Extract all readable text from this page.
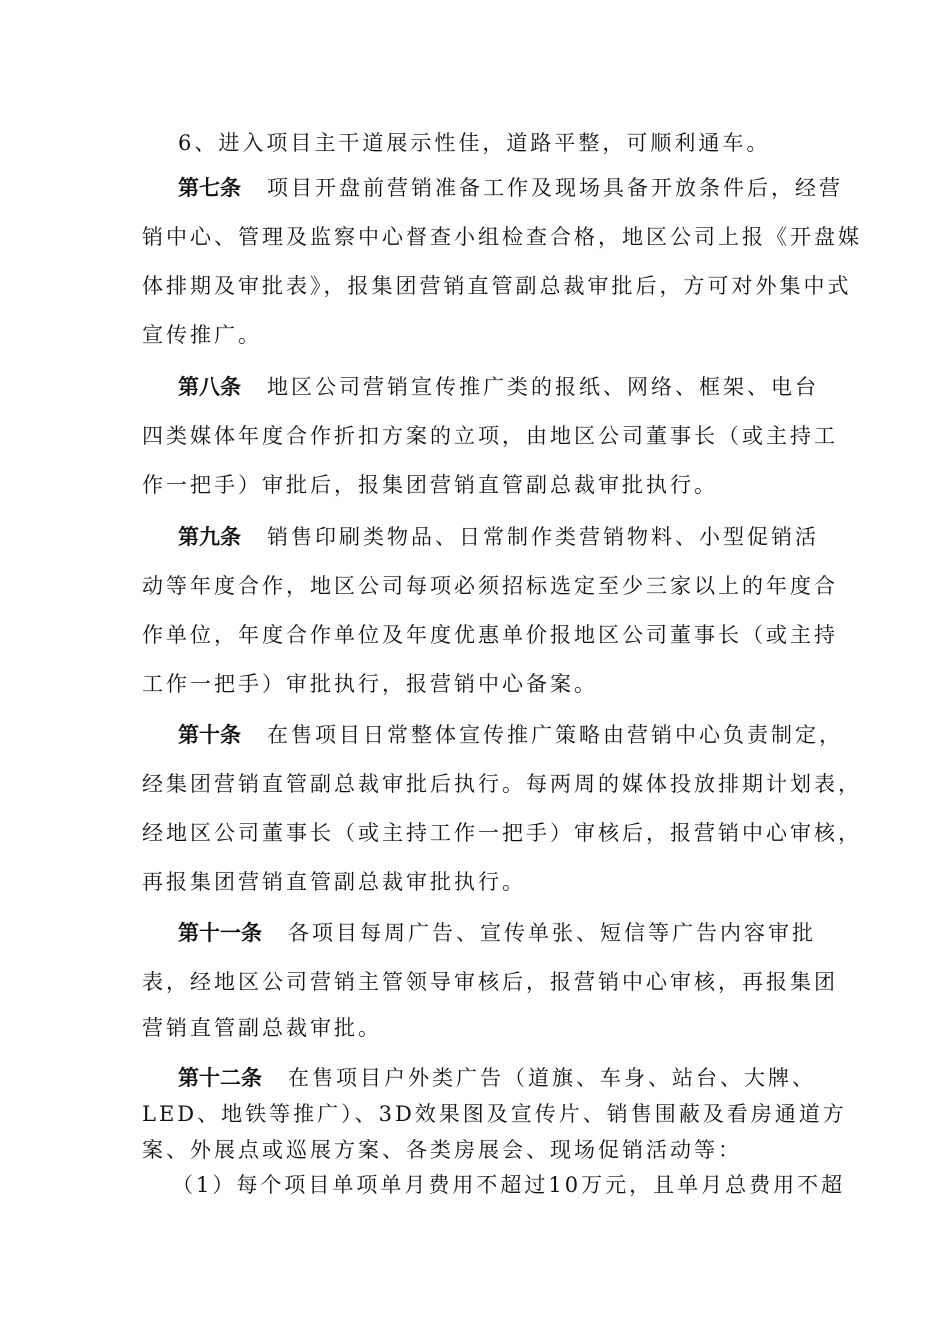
6、进入项目主干道展示性佳，道路平整，可顺利通车。
第七条 项目开盘前营销准备工作及现场具备开放条件后，经营
销中心、管理及监察中心督查小组检查合格，地区公司上报《开盘媒
体排期及审批表》，报集团营销直管副总裁审批后，方可对外集中式
宣传推广。
第八条 地区公司营销宣传推广类的报纸、网络、框架、电台
四类媒体年度合作折扣方案的立项，由地区公司董事长（或主持工
作一把手）审批后，报集团营销直管副总裁审批执行。
第九条 销售印刷类物品、日常制作类营销物料、小型促销活
动等年度合作，地区公司每项必须招标选定至少三家以上的年度合
作单位，年度合作单位及年度优惠单价报地区公司董事长（或主持
工作一把手）审批执行，报营销中心备案。
第十条 在售项目日常整体宣传推广策略由营销中心负责制定，
经集团营销直管副总裁审批后执行。每两周的媒体投放排期计划表，
经地区公司董事长（或主持工作一把手）审核后，报营销中心审核，
再报集团营销直管副总裁审批执行。
第十一条 各项目每周广告、宣传单张、短信等广告内容审批
表，经地区公司营销主管领导审核后，报营销中心审核，再报集团
营销直管副总裁审批。
第十二条 在售项目户外类广告（道旗、车身、站台、大牌、
LED、地铁等推广）、3D效果图及宣传片、销售围蔽及看房通道方
案、外展点或巡展方案、各类房展会、现场促销活动等：
（1）每个项目单项单月费用不超过10万元，且单月总费用不超
